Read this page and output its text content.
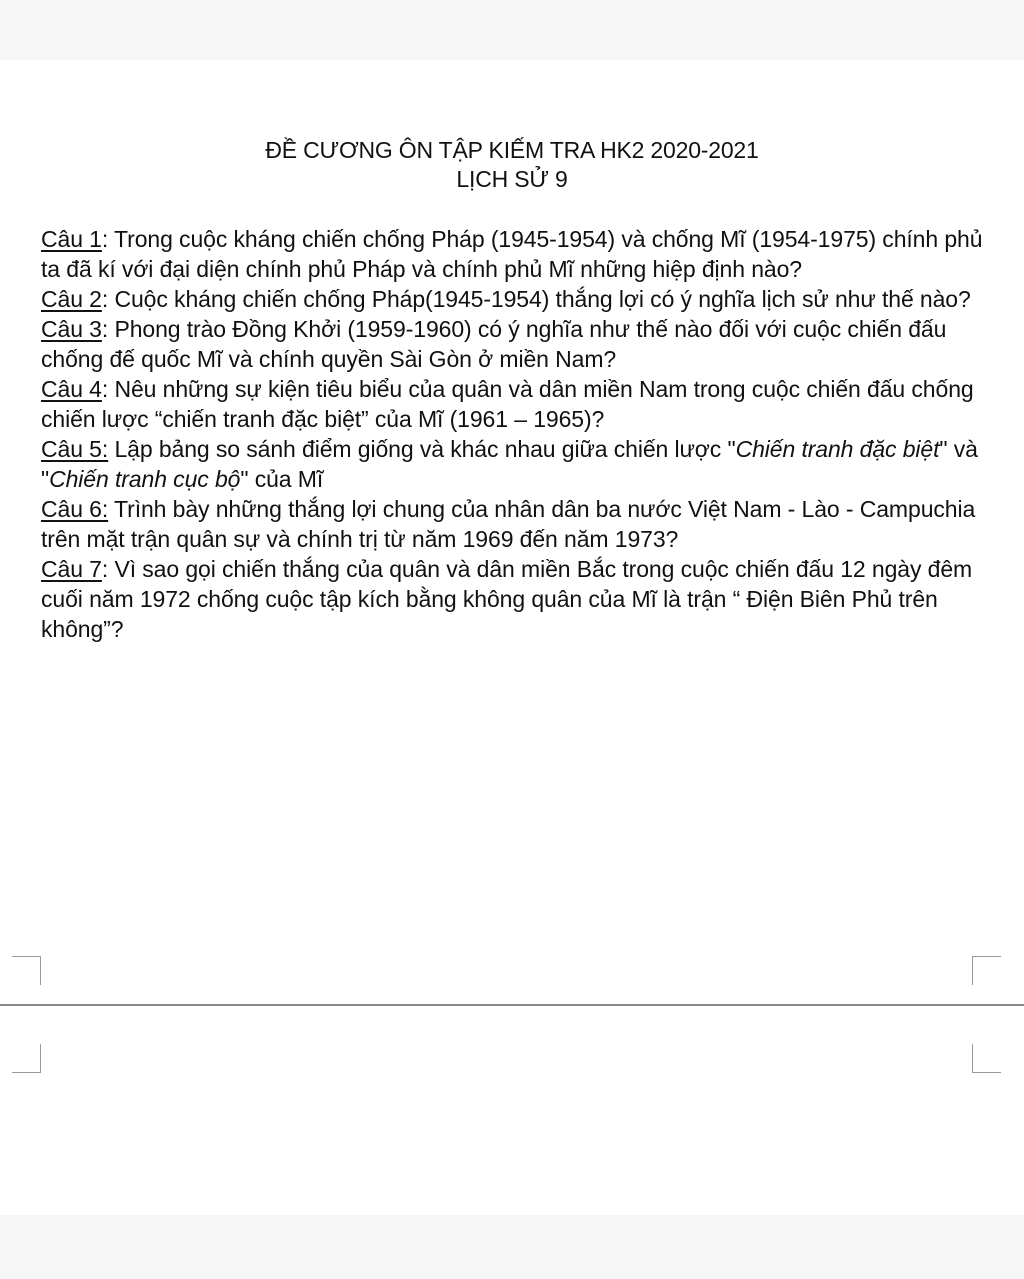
ĐỀ CƯƠNG ÔN TẬP KIẾM TRA HK2 2020-2021
LỊCH SỬ 9

Câu 1: Trong cuộc kháng chiến chống Pháp (1945-1954) và chống Mĩ (1954-1975) chính phủ ta đã kí với đại diện chính phủ Pháp và chính phủ Mĩ những hiệp định nào?

Câu 2: Cuộc kháng chiến chống Pháp(1945-1954) thắng lợi có ý nghĩa lịch sử như thế nào?

Câu 3: Phong trào Đồng Khởi (1959-1960) có ý nghĩa như thế nào đối với cuộc chiến đấu chống đế quốc Mĩ và chính quyền Sài Gòn ở miền Nam?

Câu 4: Nêu những sự kiện tiêu biểu của quân và dân miền Nam trong cuộc chiến đấu chống chiến lược “chiến tranh đặc biệt” của Mĩ (1961 – 1965)?

Câu 5: Lập bảng so sánh điểm giống và khác nhau giữa chiến lược "Chiến tranh đặc biệt" và "Chiến tranh cục bộ" của Mĩ

Câu 6: Trình bày những thắng lợi chung của nhân dân ba nước Việt Nam - Lào - Campuchia trên mặt trận quân sự và chính trị từ năm 1969 đến năm 1973?

Câu 7: Vì sao gọi chiến thắng của quân và dân miền Bắc trong cuộc chiến đấu 12 ngày đêm cuối năm 1972 chống cuộc tập kích bằng không quân của Mĩ là trận “ Điện Biên Phủ trên không”?
